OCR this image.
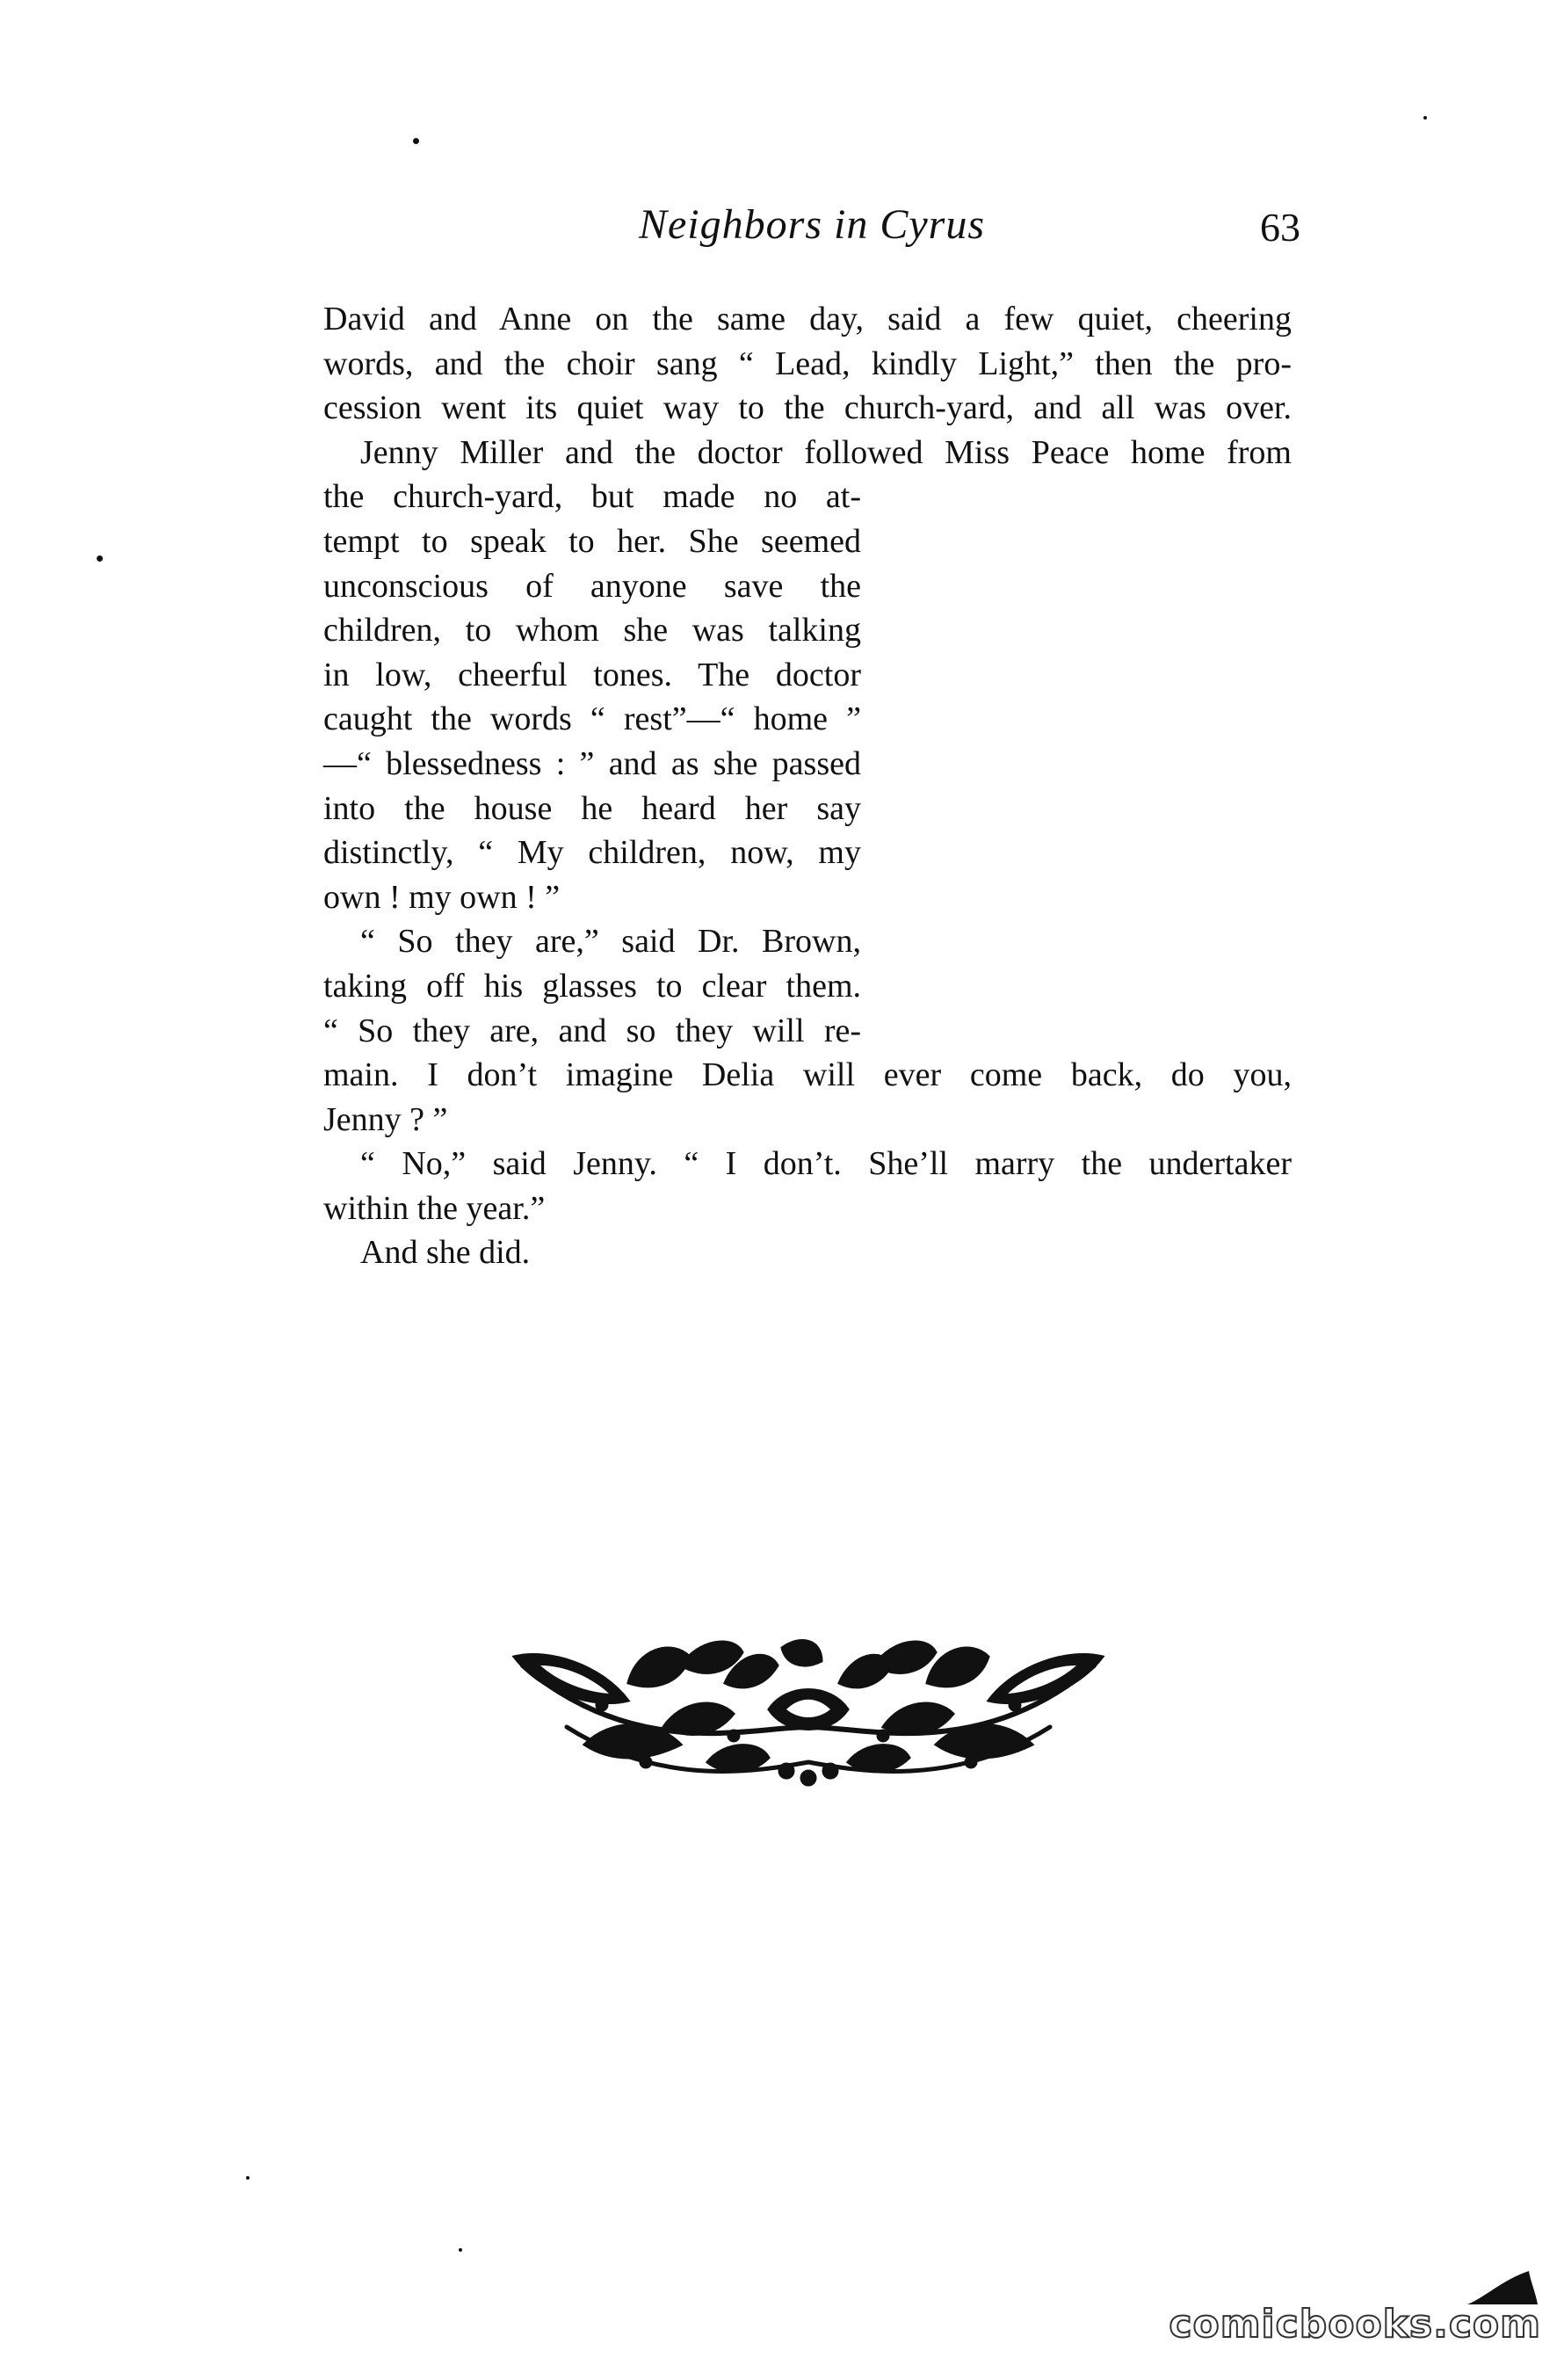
Neighbors in Cyrus	63
David and Anne on the same day, said a few quiet, cheering
words, and the choir sang “ Lead, kindly Light,” then the pro-
cession went its quiet way to the church-yard, and all was over.
Jenny Miller and the doctor followed Miss Peace home from
the church-yard, but made no at-
tempt to speak to her. She seemed
unconscious of anyone save the
children, to whom she was talking
in low, cheerful tones. The doctor
caught the words “ rest”—“ home ”
—“ blessedness : ” and as she passed
into the house he heard her say
distinctly, “ My children, now, my
own ! my own ! ”
“ So they are,” said Dr. Brown,
taking off his glasses to clear them.
“ So they are, and so they will re-
main. I don’t imagine Delia will ever come back, do you,
Jenny ? ”
“ No,” said Jenny. “ I don’t. She’ll marry the undertaker
within the year.”
And she did.
comicbooks.com
